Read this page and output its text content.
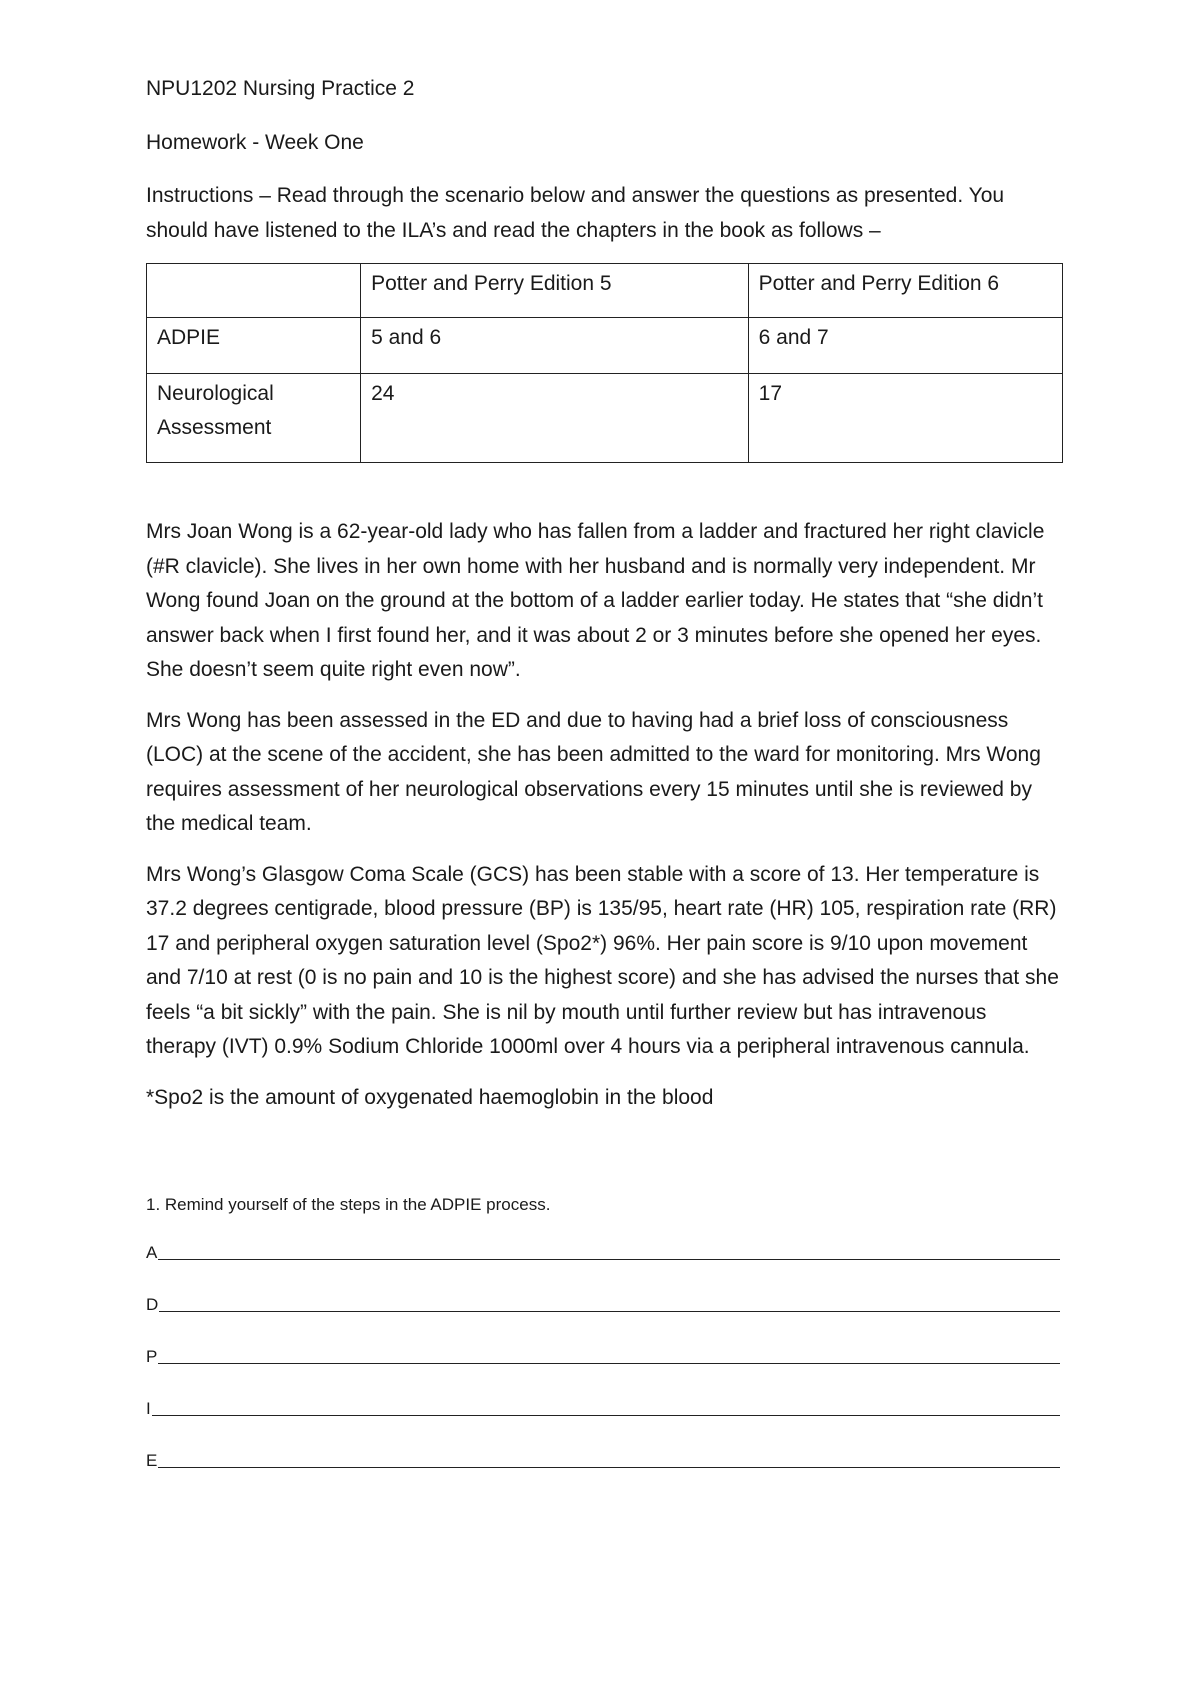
NPU1202 Nursing Practice 2

Homework - Week One

Instructions – Read through the scenario below and answer the questions as presented. You should have listened to the ILA’s and read the chapters in the book as follows –

	Potter and Perry Edition 5	Potter and Perry Edition 6
ADPIE	5 and 6	6 and 7
Neurological Assessment	24	17

Mrs Joan Wong is a 62-year-old lady who has fallen from a ladder and fractured her right clavicle (#R clavicle). She lives in her own home with her husband and is normally very independent. Mr Wong found Joan on the ground at the bottom of a ladder earlier today. He states that “she didn’t answer back when I first found her, and it was about 2 or 3 minutes before she opened her eyes. She doesn’t seem quite right even now”.

Mrs Wong has been assessed in the ED and due to having had a brief loss of consciousness (LOC) at the scene of the accident, she has been admitted to the ward for monitoring. Mrs Wong requires assessment of her neurological observations every 15 minutes until she is reviewed by the medical team.

Mrs Wong’s Glasgow Coma Scale (GCS) has been stable with a score of 13. Her temperature is 37.2 degrees centigrade, blood pressure (BP) is 135/95, heart rate (HR) 105, respiration rate (RR) 17 and peripheral oxygen saturation level (Spo2*) 96%. Her pain score is 9/10 upon movement and 7/10 at rest (0 is no pain and 10 is the highest score) and she has advised the nurses that she feels “a bit sickly” with the pain. She is nil by mouth until further review but has intravenous therapy (IVT) 0.9% Sodium Chloride 1000ml over 4 hours via a peripheral intravenous cannula.

*Spo2 is the amount of oxygenated haemoglobin in the blood

1. Remind yourself of the steps in the ADPIE process.

A
D
P
I
E
